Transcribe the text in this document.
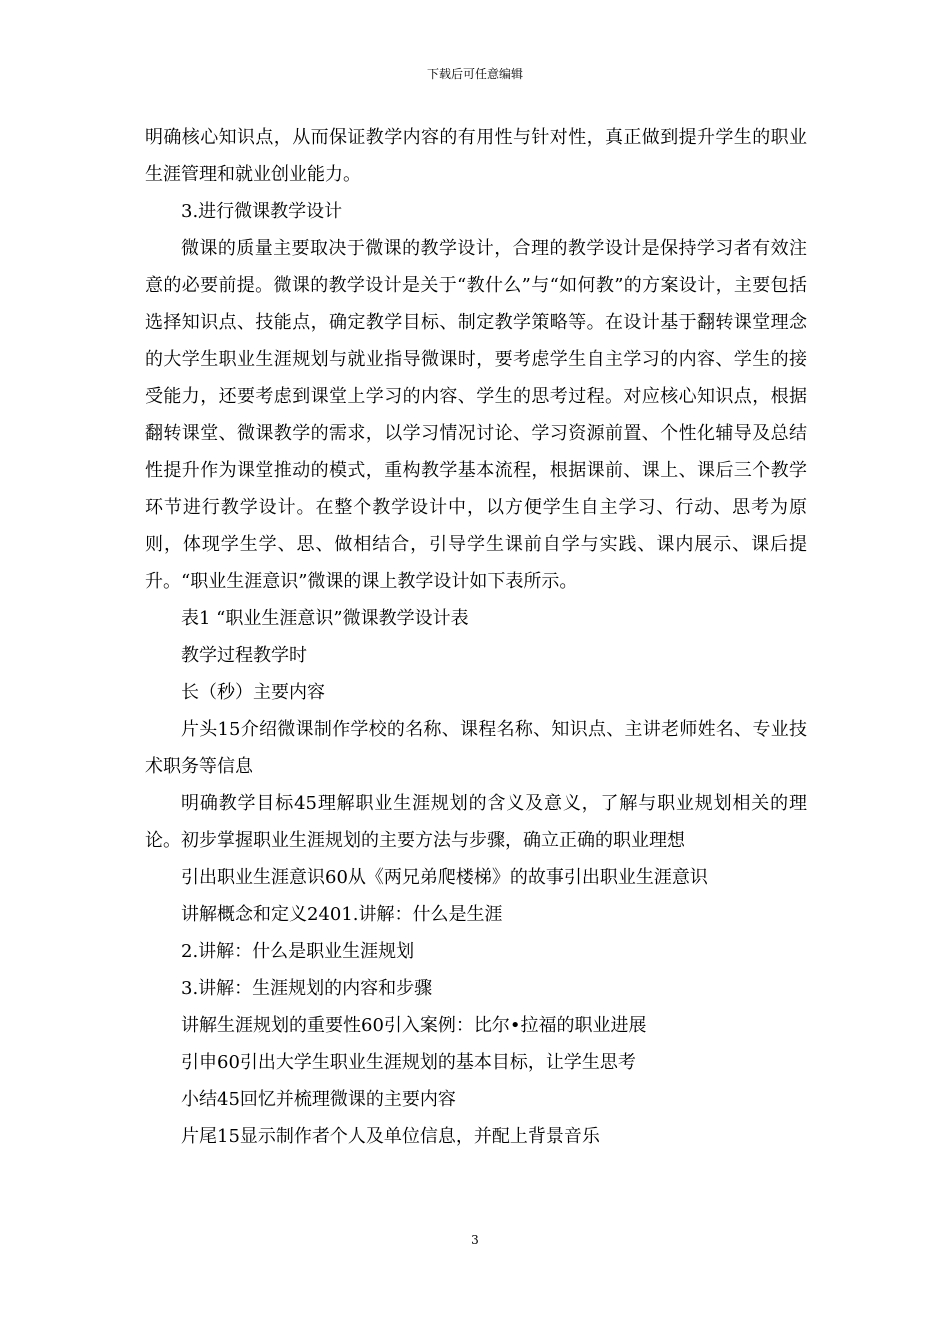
下载后可任意编辑

明确核心知识点，从而保证教学内容的有用性与针对性，真正做到提升学生的职业生涯管理和就业创业能力。

3.进行微课教学设计

微课的质量主要取决于微课的教学设计，合理的教学设计是保持学习者有效注意的必要前提。微课的教学设计是关于“教什么”与“如何教”的方案设计，主要包括选择知识点、技能点，确定教学目标、制定教学策略等。在设计基于翻转课堂理念的大学生职业生涯规划与就业指导微课时，要考虑学生自主学习的内容、学生的接受能力，还要考虑到课堂上学习的内容、学生的思考过程。对应核心知识点，根据翻转课堂、微课教学的需求，以学习情况讨论、学习资源前置、个性化辅导及总结性提升作为课堂推动的模式，重构教学基本流程，根据课前、课上、课后三个教学环节进行教学设计。在整个教学设计中，以方便学生自主学习、行动、思考为原则，体现学生学、思、做相结合，引导学生课前自学与实践、课内展示、课后提升。“职业生涯意识”微课的课上教学设计如下表所示。

表1 “职业生涯意识”微课教学设计表

教学过程教学时

长（秒）主要内容

片头15介绍微课制作学校的名称、课程名称、知识点、主讲老师姓名、专业技术职务等信息

明确教学目标45理解职业生涯规划的含义及意义，了解与职业规划相关的理论。初步掌握职业生涯规划的主要方法与步骤，确立正确的职业理想

引出职业生涯意识60从《两兄弟爬楼梯》的故事引出职业生涯意识

讲解概念和定义2401.讲解：什么是生涯

2.讲解：什么是职业生涯规划

3.讲解：生涯规划的内容和步骤

讲解生涯规划的重要性60引入案例：比尔•拉福的职业进展

引申60引出大学生职业生涯规划的基本目标，让学生思考

小结45回忆并梳理微课的主要内容

片尾15显示制作者个人及单位信息，并配上背景音乐

3
